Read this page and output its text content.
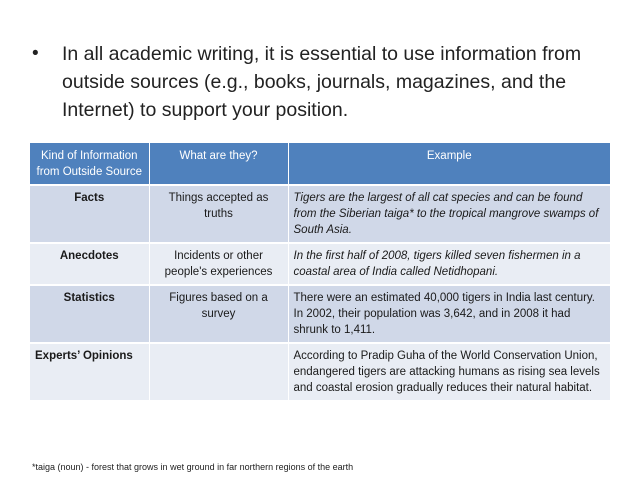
•	In all academic writing, it is essential to use information from outside sources (e.g., books, journals, magazines, and the Internet) to support your position.
Kind of Information from Outside Source	What are they?	Example
Facts	Things accepted as truths	Tigers are the largest of all cat species and can be found from the Siberian taiga* to the tropical mangrove swamps of South Asia.
Anecdotes	Incidents or other people's experiences	In the first half of 2008, tigers killed seven fishermen in a coastal area of India called Netidhopani.
Statistics	Figures based on a survey	There were an estimated 40,000 tigers in India last century. In 2002, their population was 3,642, and in 2008 it had shrunk to 1,411.
Experts’ Opinions		According to Pradip Guha of the World Conservation Union, endangered tigers are attacking humans as rising sea levels and coastal erosion gradually reduces their natural habitat.
*taiga (noun) - forest that grows in wet ground in far northern regions of the earth
